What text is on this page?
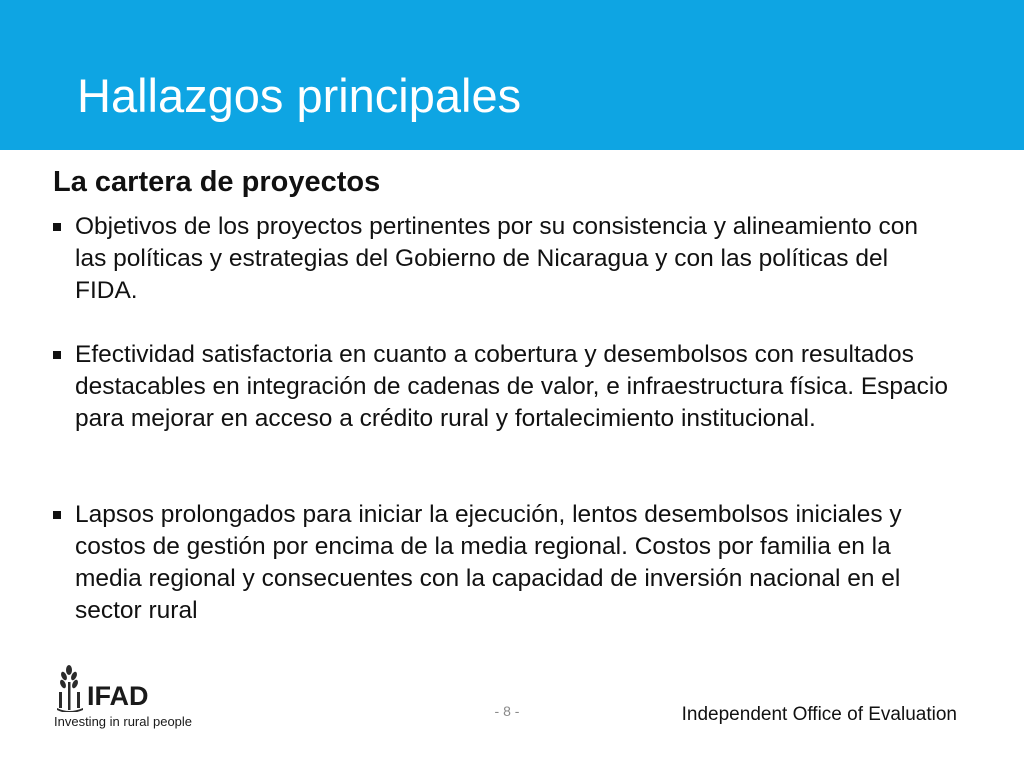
Hallazgos principales
La cartera de proyectos
Objetivos de los proyectos pertinentes por su consistencia y alineamiento con las políticas y estrategias del Gobierno de Nicaragua y con las políticas del FIDA.
Efectividad satisfactoria en cuanto a cobertura y desembolsos con resultados destacables en integración de cadenas de valor, e infraestructura física. Espacio para mejorar en acceso a crédito rural y fortalecimiento institucional.
Lapsos prolongados para iniciar la ejecución, lentos desembolsos iniciales y costos de gestión por encima de la media regional. Costos por familia en la media regional y consecuentes con la capacidad de inversión nacional en el sector rural
IFAD
Investing in rural people
- 8 -	Independent Office of Evaluation
